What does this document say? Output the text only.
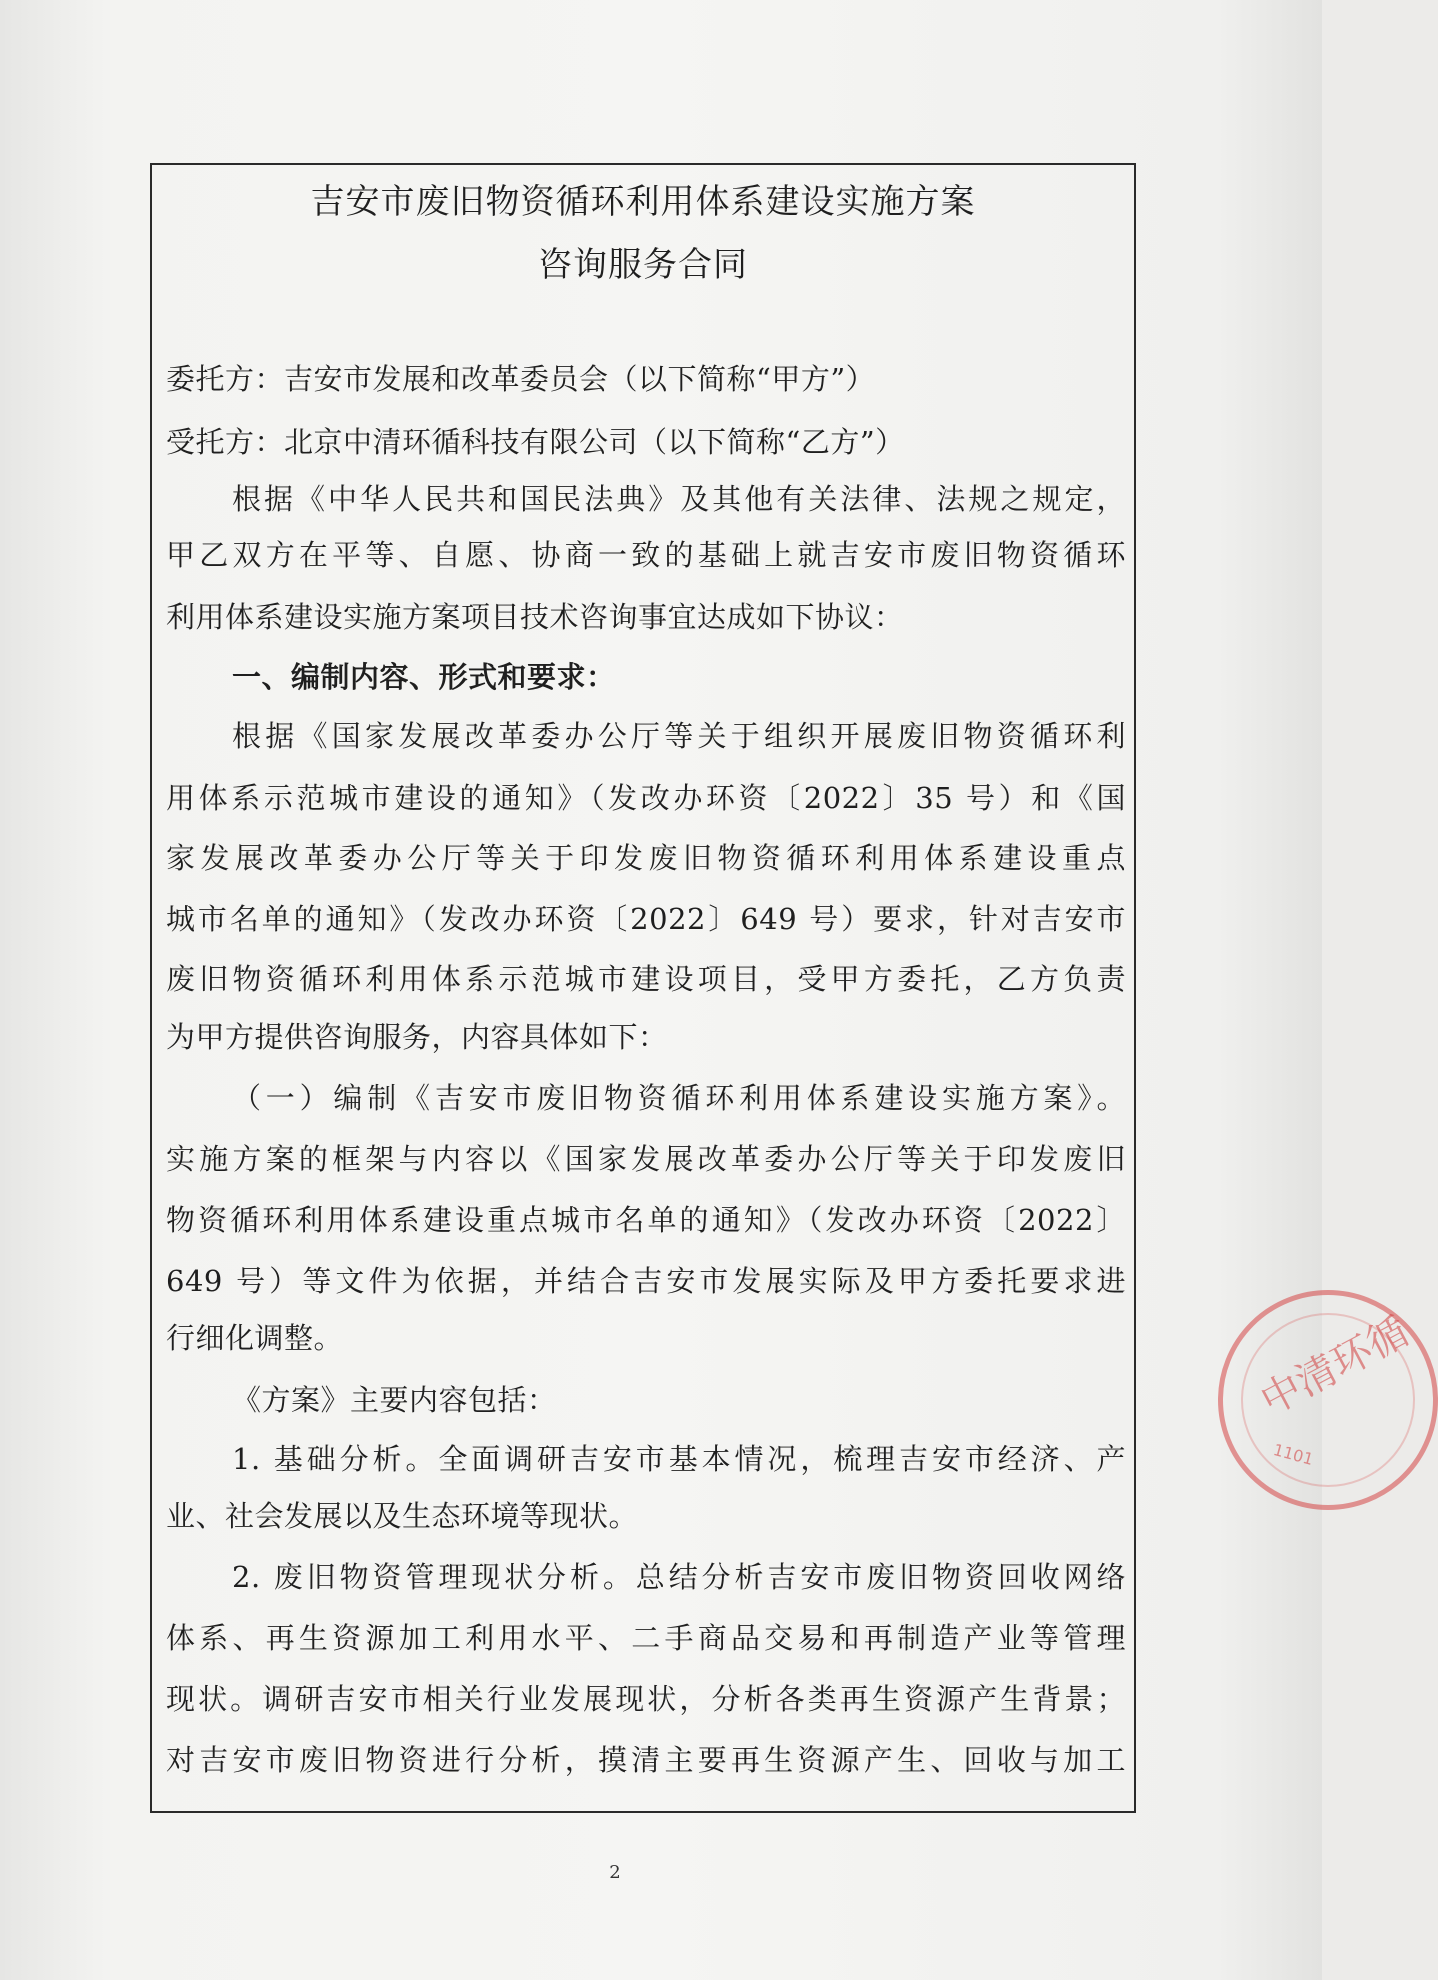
吉安市废旧物资循环利用体系建设实施方案
咨询服务合同
委托方：吉安市发展和改革委员会（以下简称“甲方”）
受托方：北京中清环循科技有限公司（以下简称“乙方”）
根据《中华人民共和国民法典》及其他有关法律、法规之规定，
甲乙双方在平等、自愿、协商一致的基础上就吉安市废旧物资循环
利用体系建设实施方案项目技术咨询事宜达成如下协议：
一、编制内容、形式和要求：
根据《国家发展改革委办公厅等关于组织开展废旧物资循环利
用体系示范城市建设的通知》（发改办环资〔2022〕35 号）和《国
家发展改革委办公厅等关于印发废旧物资循环利用体系建设重点
城市名单的通知》（发改办环资〔2022〕649 号）要求，针对吉安市
废旧物资循环利用体系示范城市建设项目，受甲方委托，乙方负责
为甲方提供咨询服务，内容具体如下：
（一）编制《吉安市废旧物资循环利用体系建设实施方案》。
实施方案的框架与内容以《国家发展改革委办公厅等关于印发废旧
物资循环利用体系建设重点城市名单的通知》（发改办环资〔2022〕
649 号）等文件为依据，并结合吉安市发展实际及甲方委托要求进
行细化调整。
《方案》主要内容包括：
1. 基础分析。全面调研吉安市基本情况，梳理吉安市经济、产
业、社会发展以及生态环境等现状。
2. 废旧物资管理现状分析。总结分析吉安市废旧物资回收网络
体系、再生资源加工利用水平、二手商品交易和再制造产业等管理
现状。调研吉安市相关行业发展现状，分析各类再生资源产生背景；
对吉安市废旧物资进行分析，摸清主要再生资源产生、回收与加工
中清环循
1101
2
